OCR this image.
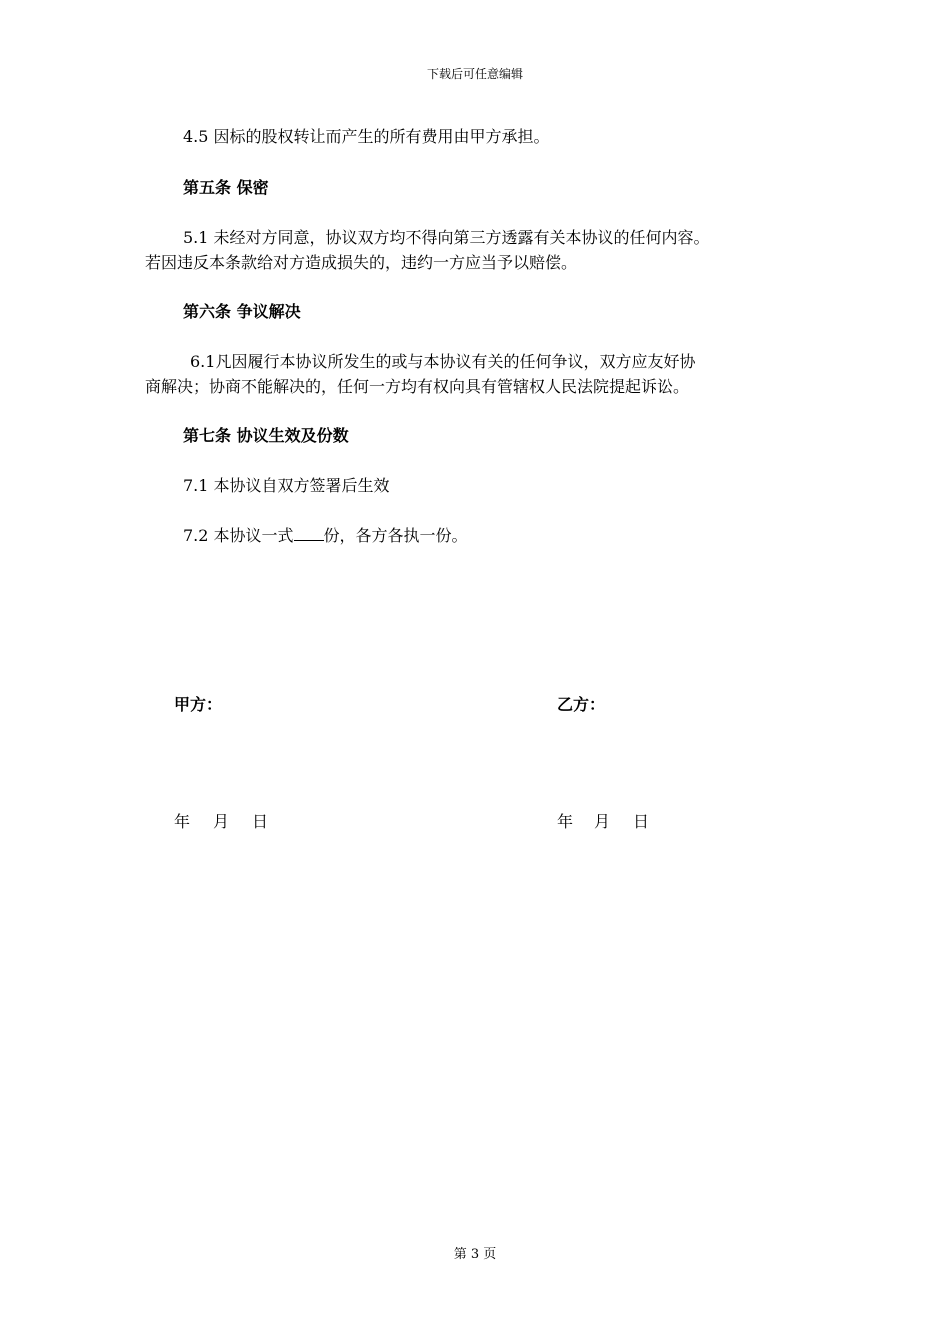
下载后可任意编辑
4.5 因标的股权转让而产生的所有费用由甲方承担。
第五条 保密
5.1 未经对方同意，协议双方均不得向第三方透露有关本协议的任何内容。
若因违反本条款给对方造成损失的，违约一方应当予以赔偿。
第六条 争议解决
6.1凡因履行本协议所发生的或与本协议有关的任何争议，双方应友好协
商解决；协商不能解决的，任何一方均有权向具有管辖权人民法院提起诉讼。
第七条 协议生效及份数
7.1 本协议自双方签署后生效
7.2 本协议一式 份，各方各执一份。
甲方：	乙方：
年 月 日	年 月 日
第 3 页
